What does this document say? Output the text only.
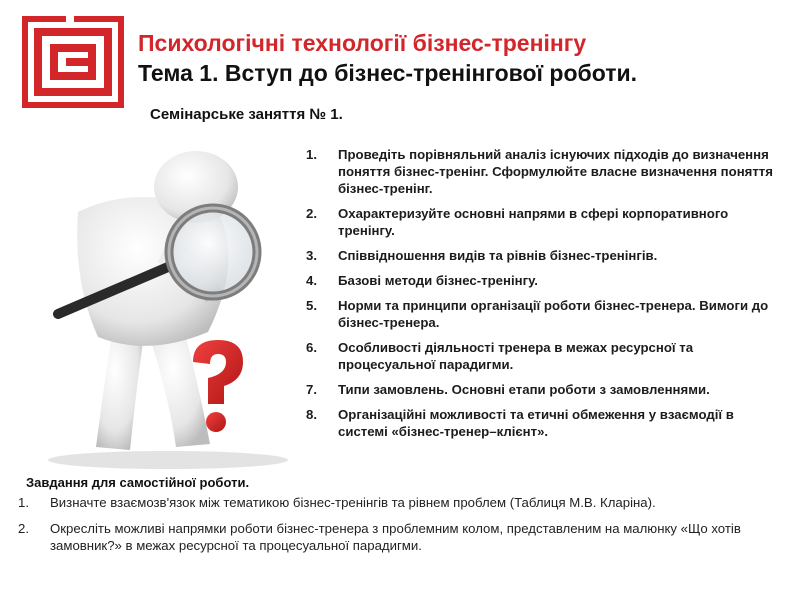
Психологічні технології бізнес-тренінгу
Тема 1. Вступ до бізнес-тренінгової роботи.
Семінарське заняття № 1.
1.	Проведіть порівняльний аналіз існуючих підходів до визначення поняття бізнес-тренінг. Сформулюйте власне визначення поняття бізнес-тренінг.
2.	Охарактеризуйте основні напрями в сфері корпоративного тренінгу.
3.	Співвідношення видів та рівнів бізнес-тренінгів.
4.	Базові методи бізнес-тренінгу.
5.	Норми та принципи організації роботи бізнес-тренера. Вимоги до бізнес-тренера.
6.	Особливості діяльності тренера в межах ресурсної та процесуальної парадигми.
7.	Типи замовлень. Основні етапи роботи з замовленнями.
8.	Організаційні можливості та етичні обмеження у взаємодії в системі «бізнес-тренер–клієнт».
Завдання для самостійної роботи.
1. Визначте взаємозв'язок між тематикою бізнес-тренінгів та рівнем проблем (Таблиця М.В. Кларіна).
2. Окресліть можливі напрямки роботи бізнес-тренера з проблемним колом, представленим на малюнку «Що хотів замовник?» в межах ресурсної та процесуальної парадигми.
